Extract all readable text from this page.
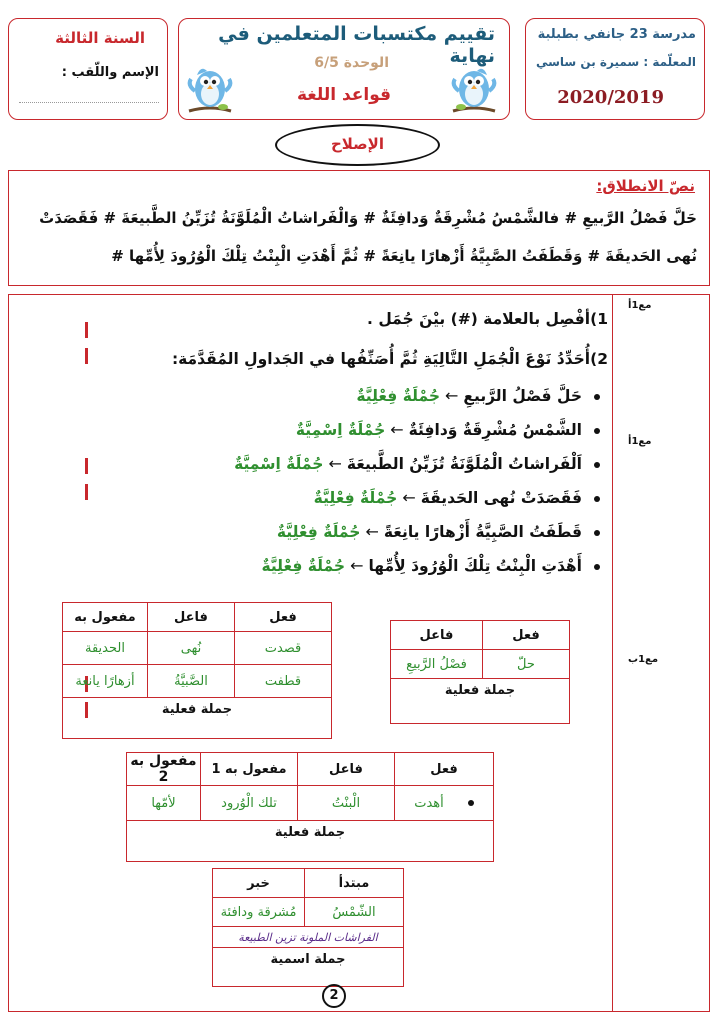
مدرسة 23 جانفي بطبلبة
المعلّمة : سميرة بن ساسي
2020/2019
تقييم مكتسبات المتعلمين في نهاية
الوحدة 6/5
قواعد اللغة
السنة الثالثة
الإسم واللّقب :
الإصلاح
نصّ الانطلاق:
حَلَّ فَصْلُ الرَّبيعِ # فالشَّمْسُ مُشْرِقَةٌ وَدافِئَةٌ # وَالْفَراشاتُ الْمُلَوَّنَةُ تُزَيِّنُ الطَّبيعَةَ # فَقَصَدَتْ
نُهى الحَديقَةَ # وَقَطَفَتُ الصَّبِيَّةُ أَزْهارًا يانِعَةً # ثُمَّ أَهْدَتِ الْبِنْتُ تِلْكَ الْوُرُودَ لِأُمِّها #
مع1أ
مع1أ
مع1ب
1)أفْصِل بالعلامة (#) بيْنَ جُمَل .
2)أُحَدِّدُ نَوْعَ الْجُمَلِ التَّالِيَةِ ثُمَّ أُصَنِّفُها في الجَداولِ المُقَدَّمَة:
حَلَّ فَصْلُ الرَّبيعِ←جُمْلَةٌ فِعْلِيَّةٌ
الشَّمْسُ مُشْرِقَةٌ وَدافِئَةٌ←جُمْلَةٌ اِسْمِيَّةٌ
اَلْفَراشاتُ الْمُلَوَّنَةُ تُزَيِّنُ الطَّبيعَةَ←جُمْلَةٌ اِسْمِيَّةٌ
فَقَصَدَتْ نُهى الحَديقَةَ←جُمْلَةٌ فِعْلِيَّةٌ
قَطَفَتُ الصَّبِيَّةُ أَزْهارًا يانِعَةً←جُمْلَةٌ فِعْلِيَّةٌ
أَهْدَتِ الْبِنْتُ تِلْكَ الْوُرُودَ لِأُمِّها←جُمْلَةٌ فِعْلِيَّةٌ
فعل	فاعل
حلّ	فصْلُ الرَّبيعِ
جملة فعلية	
فعل	فاعل	مفعول به
قصدت	نُهى	الحديقة
قطفت	الصَّبيَّةُ	أزهارًا يانعة
جملة فعلية		
فعل	فاعل	مفعول به 1	مفعول به 2
أهدت	الْبنْتُ	تلك الْوُرود	لأمّها
جملة فعلية			
مبتدأ	خبر
الشّمْسُ	مُشرقة ودافئة
الفراشات الملونة تزين الطبيعة	
جملة اسمية	
2
